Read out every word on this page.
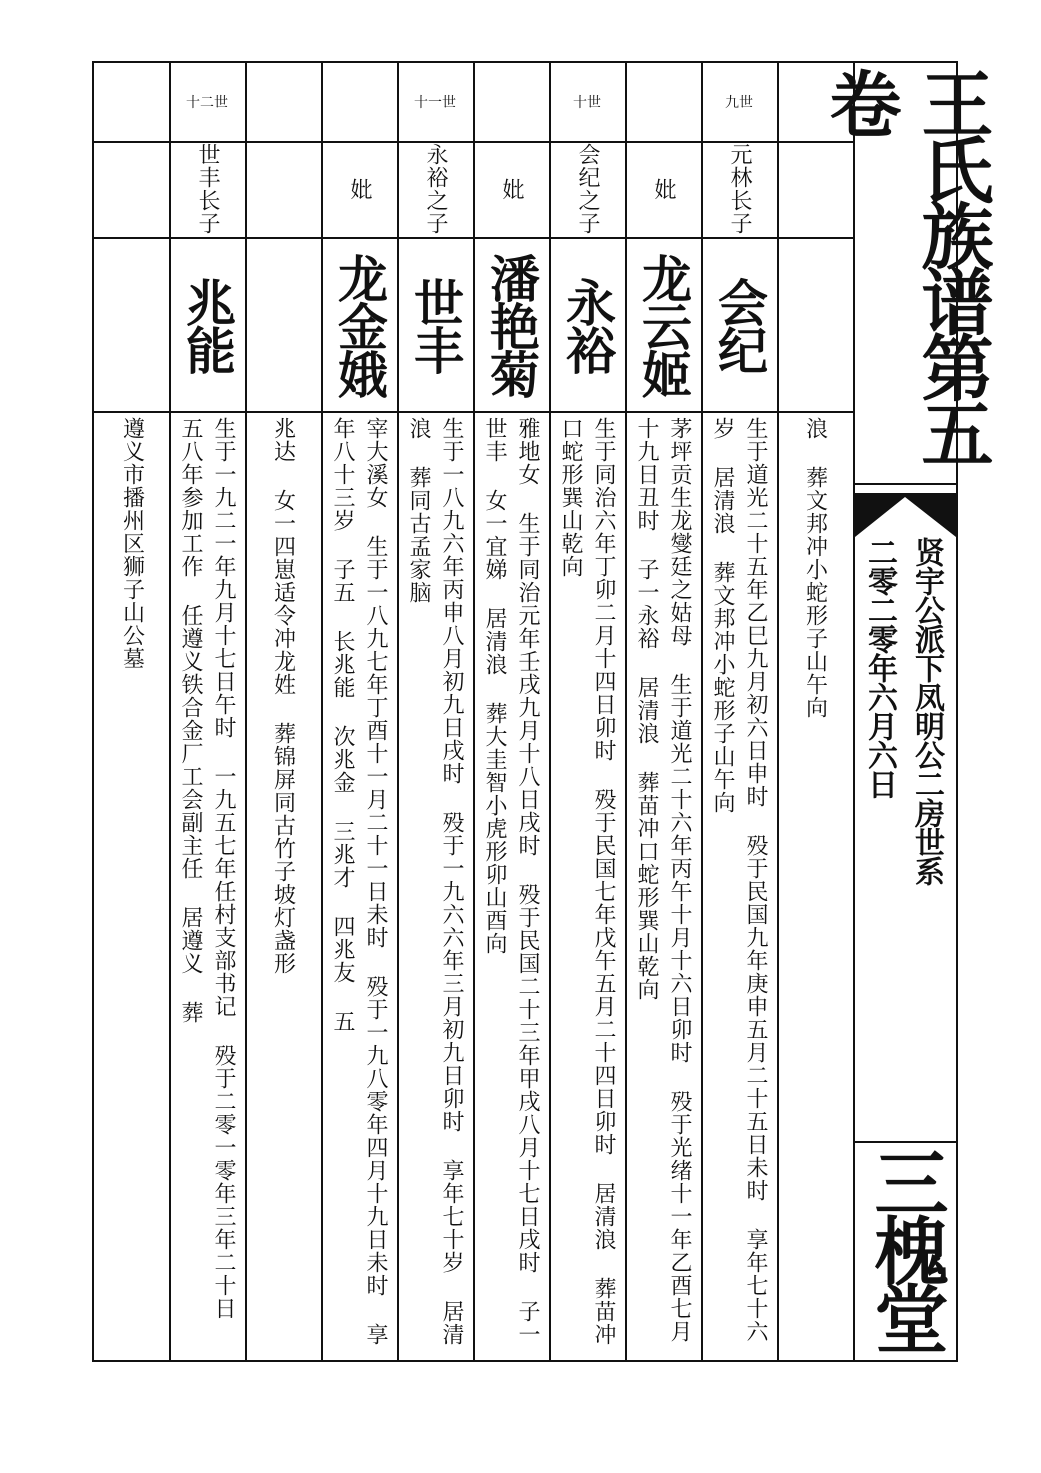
浪 葬文邦冲小蛇形子山午向
九世
元林长子
会纪
生于道光二十五年乙巳九月初六日申时 殁于民国九年庚申五月二十五日未时 享年七十六岁 居清浪 葬文邦冲小蛇形子山午向
妣
龙云姬
茅坪贡生龙燮廷之姑母 生于道光二十六年丙午十月十六日卯时 殁于光绪十一年乙酉七月十九日丑时 子一永裕 居清浪 葬苗冲口蛇形巽山乾向
十世
会纪之子
永裕
生于同治六年丁卯二月十四日卯时 殁于民国七年戊午五月二十四日卯时 居清浪 葬苗冲口蛇形巽山乾向
妣
潘艳菊
雅地女 生于同治元年壬戌九月十八日戌时 殁于民国二十三年甲戌八月十七日戌时 子一世丰 女一宜娣 居清浪 葬大圭智小虎形卯山酉向
十一世
永裕之子
世丰
生于一八九六年丙申八月初九日戌时 殁于一九六六年三月初九日卯时 享年七十岁 居清浪 葬同古孟家脑
妣
龙金娥
宰大溪女 生于一八九七年丁酉十一月二十一日未时 殁于一九八零年四月十九日未时 享年八十三岁 子五 长兆能 次兆金 三兆才 四兆友 五
兆达 女一四崽适令冲龙姓 葬锦屏同古竹子坡灯盏形
十二世
世丰长子
兆能
生于一九二一年九月十七日午时 一九五七年任村支部书记 殁于二零一零年三年二十日 五八年参加工作 任遵义铁合金厂工会副主任 居遵义 葬
遵义市播州区狮子山公墓
王氏族谱第五卷
贤宇公派下凤明公二房世系
二零二零年六月六日
三槐堂
